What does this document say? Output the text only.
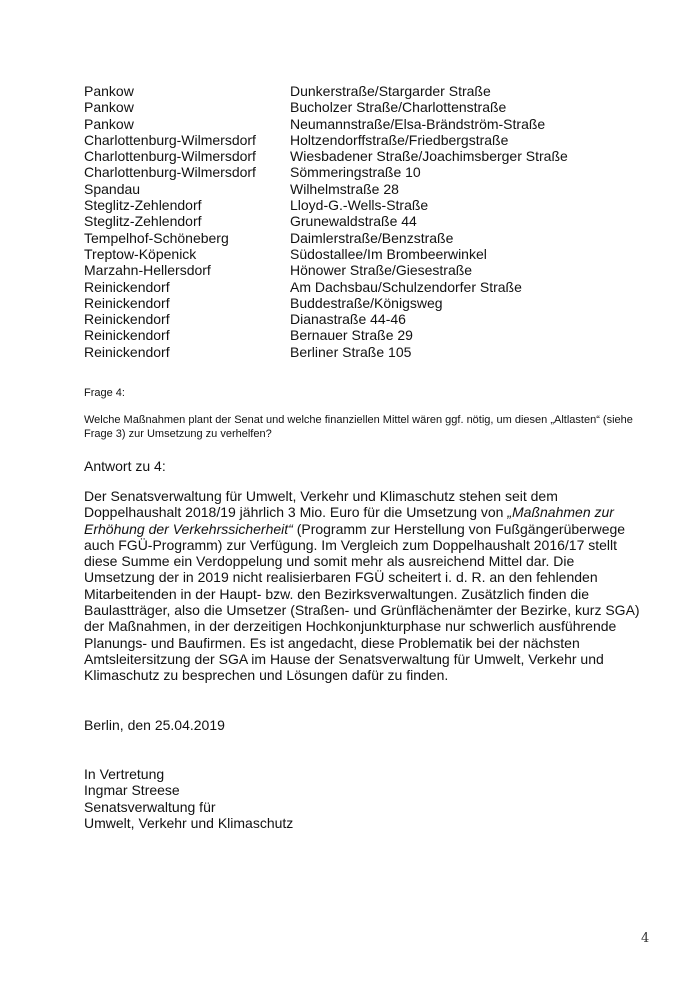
Pankow	Dunkerstraße/Stargarder Straße
Pankow	Bucholzer Straße/Charlottenstraße
Pankow	Neumannstraße/Elsa-Brändström-Straße
Charlottenburg-Wilmersdorf	Holtzendorffstraße/Friedbergstraße
Charlottenburg-Wilmersdorf	Wiesbadener Straße/Joachimsberger Straße
Charlottenburg-Wilmersdorf	Sömmeringstraße 10
Spandau	Wilhelmstraße 28
Steglitz-Zehlendorf	Lloyd-G.-Wells-Straße
Steglitz-Zehlendorf	Grunewaldstraße 44
Tempelhof-Schöneberg	Daimlerstraße/Benzstraße
Treptow-Köpenick	Südostallee/Im Brombeerwinkel
Marzahn-Hellersdorf	Hönower Straße/Giesestraße
Reinickendorf	Am Dachsbau/Schulzendorfer Straße
Reinickendorf	Buddestraße/Königsweg
Reinickendorf	Dianastraße 44-46
Reinickendorf	Bernauer Straße 29
Reinickendorf	Berliner Straße 105
Frage 4:
Welche Maßnahmen plant der Senat und welche finanziellen Mittel wären ggf. nötig, um diesen „Altlasten“ (siehe Frage 3) zur Umsetzung zu verhelfen?
Antwort zu 4:
Der Senatsverwaltung für Umwelt, Verkehr und Klimaschutz stehen seit dem
Doppelhaushalt 2018/19 jährlich 3 Mio. Euro für die Umsetzung von „Maßnahmen zur
Erhöhung der Verkehrssicherheit“ (Programm zur Herstellung von Fußgängerüberwege
auch FGÜ-Programm) zur Verfügung. Im Vergleich zum Doppelhaushalt 2016/17 stellt
diese Summe ein Verdoppelung und somit mehr als ausreichend Mittel dar. Die
Umsetzung der in 2019 nicht realisierbaren FGÜ scheitert i. d. R. an den fehlenden
Mitarbeitenden in der Haupt- bzw. den Bezirksverwaltungen. Zusätzlich finden die
Baulastträger, also die Umsetzer (Straßen- und Grünflächenämter der Bezirke, kurz SGA)
der Maßnahmen, in der derzeitigen Hochkonjunkturphase nur schwerlich ausführende
Planungs- und Baufirmen. Es ist angedacht, diese Problematik bei der nächsten
Amtsleitersitzung der SGA im Hause der Senatsverwaltung für Umwelt, Verkehr und
Klimaschutz zu besprechen und Lösungen dafür zu finden.
Berlin, den 25.04.2019
In Vertretung
Ingmar Streese
Senatsverwaltung für
Umwelt, Verkehr und Klimaschutz
4
